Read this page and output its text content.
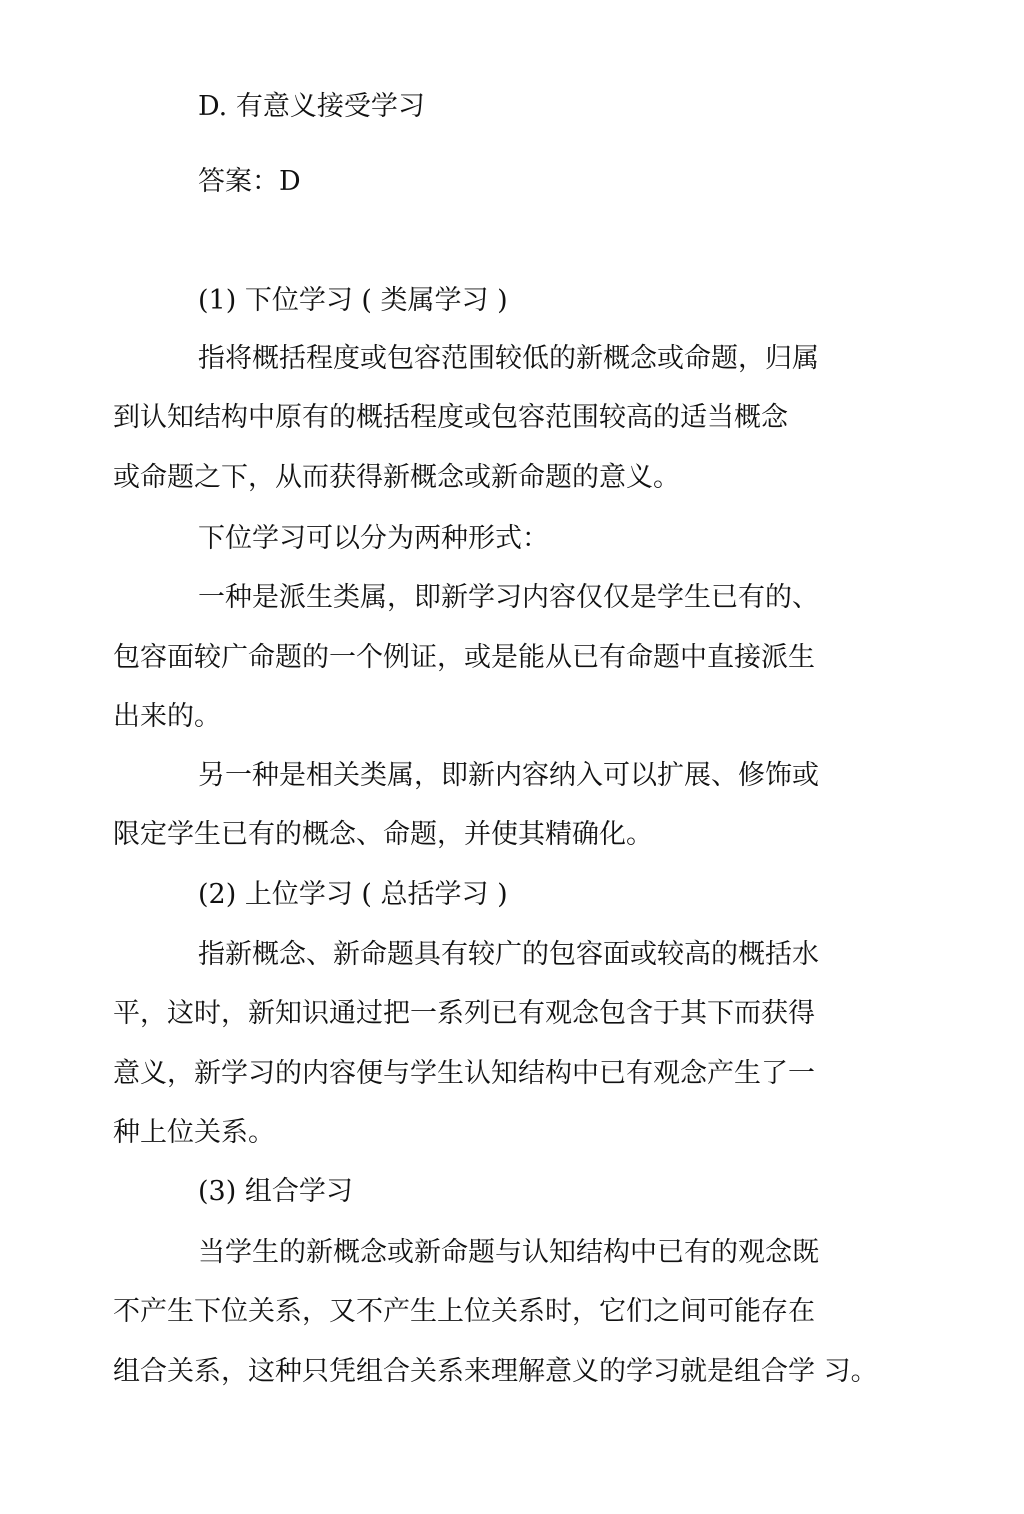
D. 有意义接受学习
答案：D
(1) 下位学习 ( 类属学习 )
指将概括程度或包容范围较低的新概念或命题，归属
到认知结构中原有的概括程度或包容范围较高的适当概念
或命题之下，从而获得新概念或新命题的意义。
下位学习可以分为两种形式：
一种是派生类属，即新学习内容仅仅是学生已有的、
包容面较广命题的一个例证，或是能从已有命题中直接派生
出来的。
另一种是相关类属，即新内容纳入可以扩展、修饰或
限定学生已有的概念、命题，并使其精确化。
(2) 上位学习 ( 总括学习 )
指新概念、新命题具有较广的包容面或较高的概括水
平，这时，新知识通过把一系列已有观念包含于其下而获得
意义，新学习的内容便与学生认知结构中已有观念产生了一
种上位关系。
(3) 组合学习
当学生的新概念或新命题与认知结构中已有的观念既
不产生下位关系，又不产生上位关系时，它们之间可能存在
组合关系，这种只凭组合关系来理解意义的学习就是组合学 习。
